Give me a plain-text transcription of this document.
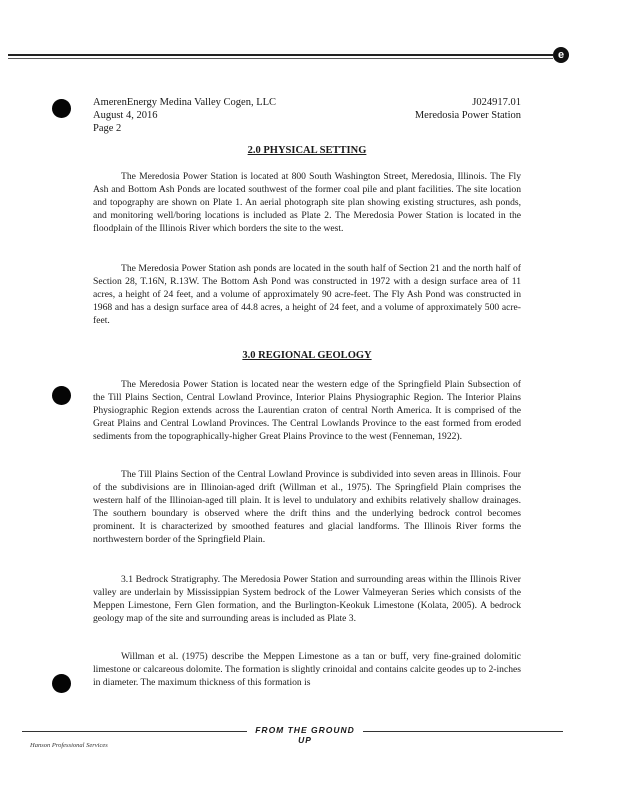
e
AmerenEnergy Medina Valley Cogen, LLC
August 4, 2016
Page 2
J024917.01
Meredosia Power Station
2.0 PHYSICAL SETTING
The Meredosia Power Station is located at 800 South Washington Street, Meredosia, Illinois. The Fly Ash and Bottom Ash Ponds are located southwest of the former coal pile and plant facilities. The site location and topography are shown on Plate 1. An aerial photograph site plan showing existing structures, ash ponds, and monitoring well/boring locations is included as Plate 2. The Meredosia Power Station is located in the floodplain of the Illinois River which borders the site to the west.
The Meredosia Power Station ash ponds are located in the south half of Section 21 and the north half of Section 28, T.16N, R.13W. The Bottom Ash Pond was constructed in 1972 with a design surface area of 11 acres, a height of 24 feet, and a volume of approximately 90 acre-feet. The Fly Ash Pond was constructed in 1968 and has a design surface area of 44.8 acres, a height of 24 feet, and a volume of approximately 500 acre-feet.
3.0 REGIONAL GEOLOGY
The Meredosia Power Station is located near the western edge of the Springfield Plain Subsection of the Till Plains Section, Central Lowland Province, Interior Plains Physiographic Region. The Interior Plains Physiographic Region extends across the Laurentian craton of central North America. It is comprised of the Great Plains and Central Lowland Provinces. The Central Lowlands Province to the east formed from eroded sediments from the topographically-higher Great Plains Province to the west (Fenneman, 1922).
The Till Plains Section of the Central Lowland Province is subdivided into seven areas in Illinois. Four of the subdivisions are in Illinoian-aged drift (Willman et al., 1975). The Springfield Plain comprises the western half of the Illinoian-aged till plain. It is level to undulatory and exhibits relatively shallow drainages. The southern boundary is observed where the drift thins and the underlying bedrock control becomes prominent. It is characterized by smoothed features and glacial landforms. The Illinois River forms the northwestern border of the Springfield Plain.
3.1 Bedrock Stratigraphy. The Meredosia Power Station and surrounding areas within the Illinois River valley are underlain by Mississippian System bedrock of the Lower Valmeyeran Series which consists of the Meppen Limestone, Fern Glen formation, and the Burlington-Keokuk Limestone (Kolata, 2005). A bedrock geology map of the site and surrounding areas is included as Plate 3.
Willman et al. (1975) describe the Meppen Limestone as a tan or buff, very fine-grained dolomitic limestone or calcareous dolomite. The formation is slightly crinoidal and contains calcite geodes up to 2-inches in diameter. The maximum thickness of this formation is
FROM THE GROUND UP
Hanson Professional Services
